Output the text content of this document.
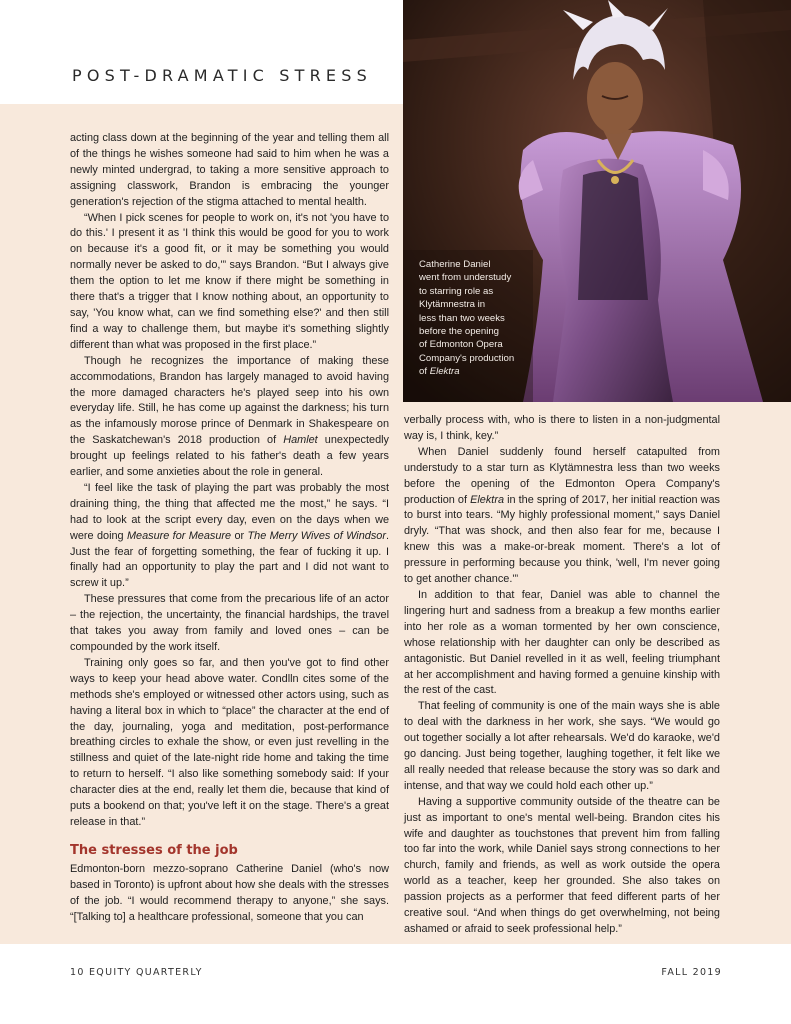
POST-DRAMATIC STRESS
Catherine Daniel
went from understudy
to starring role as
Klytämnestra in
less than two weeks
before the opening
of Edmonton Opera
Company's production
of Elektra

acting class down at the beginning of the year and telling them all of the things he wishes someone had said to him when he was a newly minted undergrad, to taking a more sensitive approach to assigning classwork, Brandon is embracing the younger generation's rejection of the stigma attached to mental health.

“When I pick scenes for people to work on, it's not 'you have to do this.' I present it as 'I think this would be good for you to work on because it's a good fit, or it may be something you would normally never be asked to do,'” says Brandon. “But I always give them the option to let me know if there might be something in there that's a trigger that I know nothing about, an opportunity to say, 'You know what, can we find something else?' and then still find a way to challenge them, but maybe it's something slightly different than what was proposed in the first place.”

Though he recognizes the importance of making these accommodations, Brandon has largely managed to avoid having the more damaged characters he's played seep into his own everyday life. Still, he has come up against the darkness; his turn as the infamously morose prince of Denmark in Shakespeare on the Saskatchewan's 2018 production of Hamlet unexpectedly brought up feelings related to his father's death a few years earlier, and some anxieties about the role in general.

“I feel like the task of playing the part was probably the most draining thing, the thing that affected me the most,” he says. “I had to look at the script every day, even on the days when we were doing Measure for Measure or The Merry Wives of Windsor. Just the fear of forgetting something, the fear of fucking it up. I finally had an opportunity to play the part and I did not want to screw it up.”

These pressures that come from the precarious life of an actor – the rejection, the uncertainty, the financial hardships, the travel that takes you away from family and loved ones – can be compounded by the work itself.

Training only goes so far, and then you've got to find other ways to keep your head above water. Condlln cites some of the methods she's employed or witnessed other actors using, such as having a literal box in which to “place” the character at the end of the day, journaling, yoga and meditation, post-performance breathing circles to exhale the show, or even just revelling in the stillness and quiet of the late-night ride home and taking the time to return to herself. “I also like something somebody said: If your character dies at the end, really let them die, because that kind of puts a bookend on that; you've left it on the stage. There's a great release in that.”

The stresses of the job

Edmonton-born mezzo-soprano Catherine Daniel (who's now based in Toronto) is upfront about how she deals with the stresses of the job. “I would recommend therapy to anyone,” she says. “[Talking to] a healthcare professional, someone that you can

verbally process with, who is there to listen in a non-judgmental way is, I think, key.”

When Daniel suddenly found herself catapulted from understudy to a star turn as Klytämnestra less than two weeks before the opening of the Edmonton Opera Company's production of Elektra in the spring of 2017, her initial reaction was to burst into tears. “My highly professional moment,” says Daniel dryly. “That was shock, and then also fear for me, because I knew this was a make-or-break moment. There's a lot of pressure in performing because you think, 'well, I'm never going to get another chance.'”

In addition to that fear, Daniel was able to channel the lingering hurt and sadness from a breakup a few months earlier into her role as a woman tormented by her own conscience, whose relationship with her daughter can only be described as antagonistic. But Daniel revelled in it as well, feeling triumphant at her accomplishment and having formed a genuine kinship with the rest of the cast.

That feeling of community is one of the main ways she is able to deal with the darkness in her work, she says. “We would go out together socially a lot after rehearsals. We'd do karaoke, we'd go dancing. Just being together, laughing together, it felt like we all really needed that release because the story was so dark and intense, and that way we could hold each other up.”

Having a supportive community outside of the theatre can be just as important to one's mental well-being. Brandon cites his wife and daughter as touchstones that prevent him from falling too far into the work, while Daniel says strong connections to her church, family and friends, as well as work outside the opera world as a teacher, keep her grounded. She also takes on passion projects as a performer that feed different parts of her creative soul. “And when things do get overwhelming, not being ashamed or afraid to seek professional help.”

10 EQUITY QUARTERLY	FALL 2019
